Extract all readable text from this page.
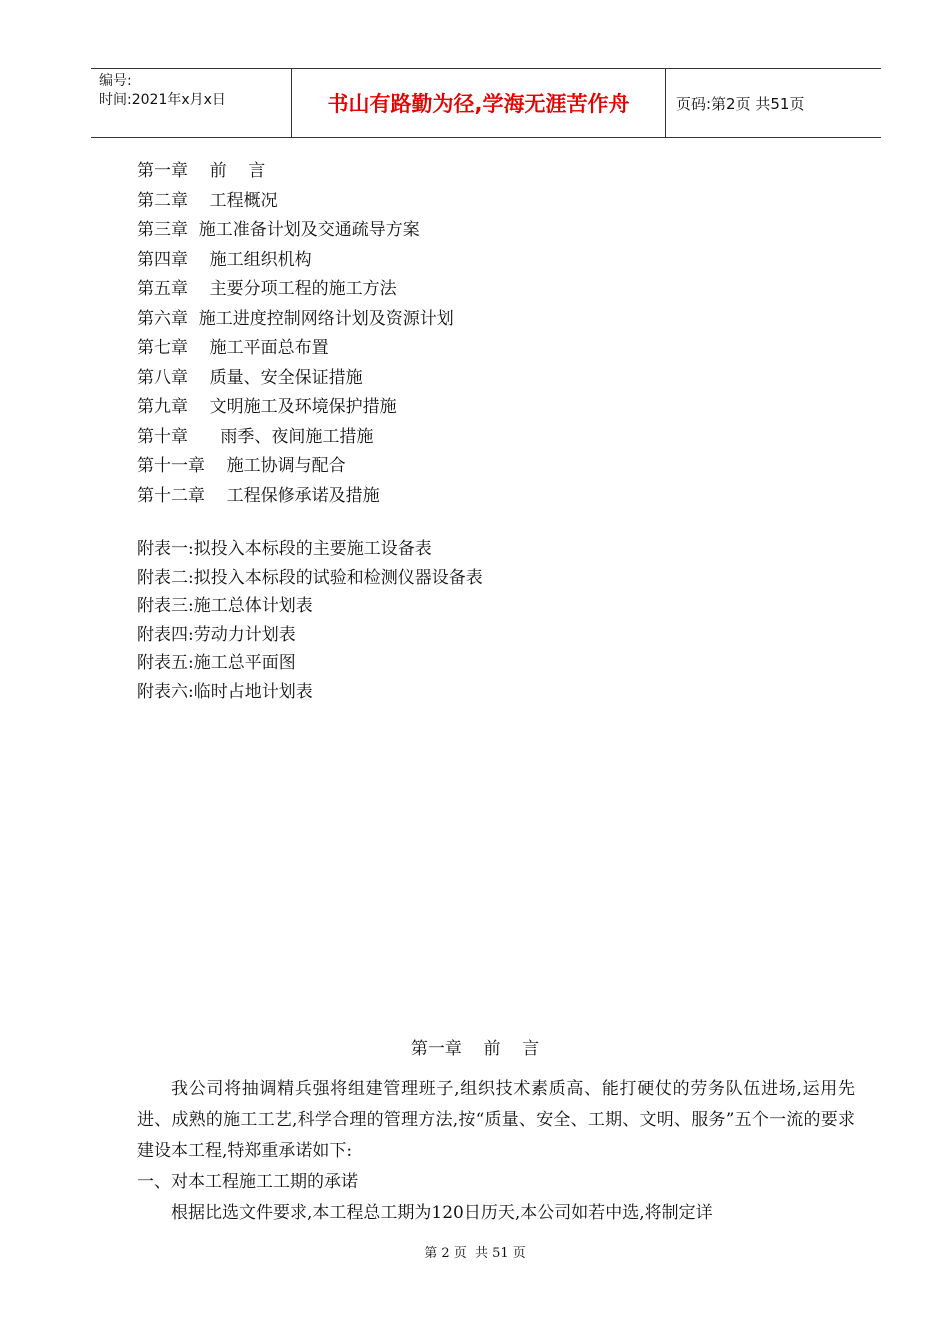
编号:
时间:2021年x月x日	书山有路勤为径,学海无涯苦作舟	页码:第2页 共51页
第一章    前    言
第二章    工程概况
第三章  施工准备计划及交通疏导方案
第四章    施工组织机构
第五章    主要分项工程的施工方法
第六章  施工进度控制网络计划及资源计划
第七章    施工平面总布置
第八章    质量、安全保证措施
第九章    文明施工及环境保护措施
第十章      雨季、夜间施工措施
第十一章    施工协调与配合
第十二章    工程保修承诺及措施
附表一:拟投入本标段的主要施工设备表
附表二:拟投入本标段的试验和检测仪器设备表
附表三:施工总体计划表
附表四:劳动力计划表
附表五:施工总平面图
附表六:临时占地计划表
第一章    前    言

我公司将抽调精兵强将组建管理班子,组织技术素质高、能打硬仗的劳务队伍进场,运用先进、成熟的施工工艺,科学合理的管理方法,按“质量、安全、工期、文明、服务”五个一流的要求建设本工程,特郑重承诺如下:

一、对本工程施工工期的承诺

根据比选文件要求,本工程总工期为120日历天,本公司如若中选,将制定详

第 2 页  共 51 页
